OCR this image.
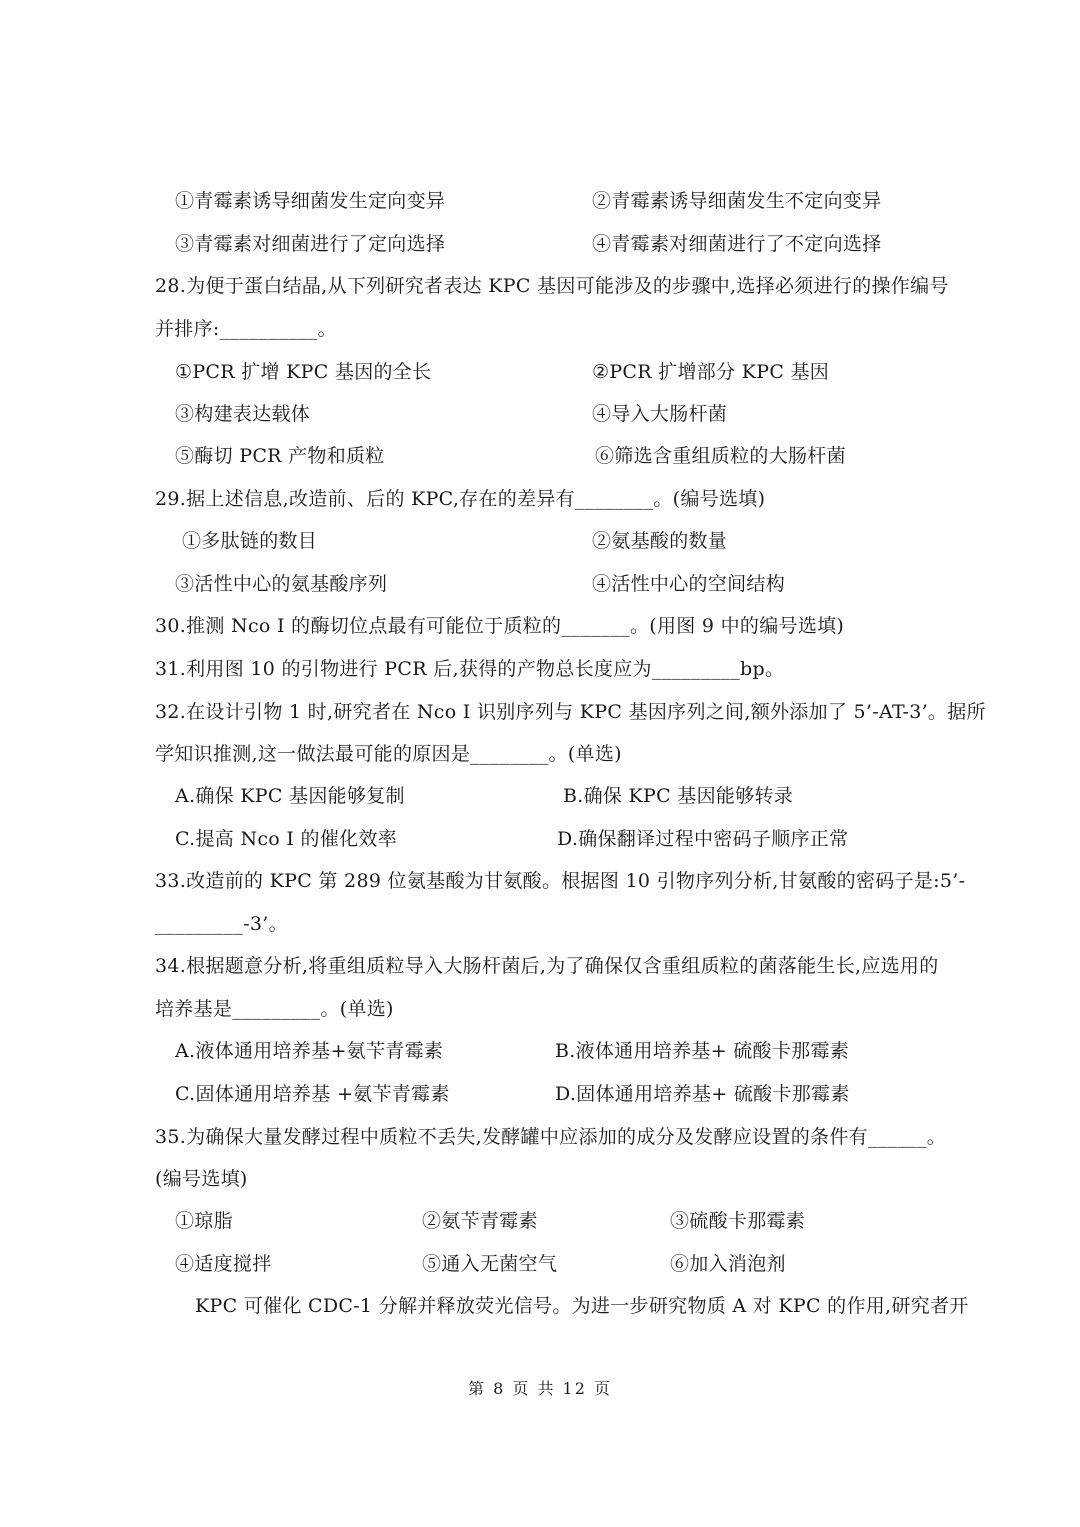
①青霉素诱导细菌发生定向变异	②青霉素诱导细菌发生不定向变异
③青霉素对细菌进行了定向选择	④青霉素对细菌进行了不定向选择
28.为便于蛋白结晶,从下列研究者表达 KPC 基因可能涉及的步骤中,选择必须进行的操作编号
并排序:__________。
①PCR 扩增 KPC 基因的全长	②PCR 扩增部分 KPC 基因
③构建表达载体	④导入大肠杆菌
⑤酶切 PCR 产物和质粒	⑥筛选含重组质粒的大肠杆菌
29.据上述信息,改造前、后的 KPC,存在的差异有________。(编号选填)
①多肽链的数目	②氨基酸的数量
③活性中心的氨基酸序列	④活性中心的空间结构
30.推测 Nco I 的酶切位点最有可能位于质粒的_______。(用图 9 中的编号选填)
31.利用图 10 的引物进行 PCR 后,获得的产物总长度应为_________bp。
32.在设计引物 1 时,研究者在 Nco I 识别序列与 KPC 基因序列之间,额外添加了 5’-AT-3’。据所
学知识推测,这一做法最可能的原因是________。(单选)
A.确保 KPC 基因能够复制	B.确保 KPC 基因能够转录
C.提高 Nco I 的催化效率	D.确保翻译过程中密码子顺序正常
33.改造前的 KPC 第 289 位氨基酸为甘氨酸。根据图 10 引物序列分析,甘氨酸的密码子是:5’-
_________-3’。
34.根据题意分析,将重组质粒导入大肠杆菌后,为了确保仅含重组质粒的菌落能生长,应选用的
培养基是_________。(单选)
A.液体通用培养基+氨苄青霉素	B.液体通用培养基+ 硫酸卡那霉素
C.固体通用培养基 +氨苄青霉素	D.固体通用培养基+ 硫酸卡那霉素
35.为确保大量发酵过程中质粒不丢失,发酵罐中应添加的成分及发酵应设置的条件有______。
(编号选填)
①琼脂	②氨苄青霉素	③硫酸卡那霉素
④适度搅拌	⑤通入无菌空气	⑥加入消泡剂
KPC 可催化 CDC-1 分解并释放荧光信号。为进一步研究物质 A 对 KPC 的作用,研究者开
第 8 页 共 12 页
